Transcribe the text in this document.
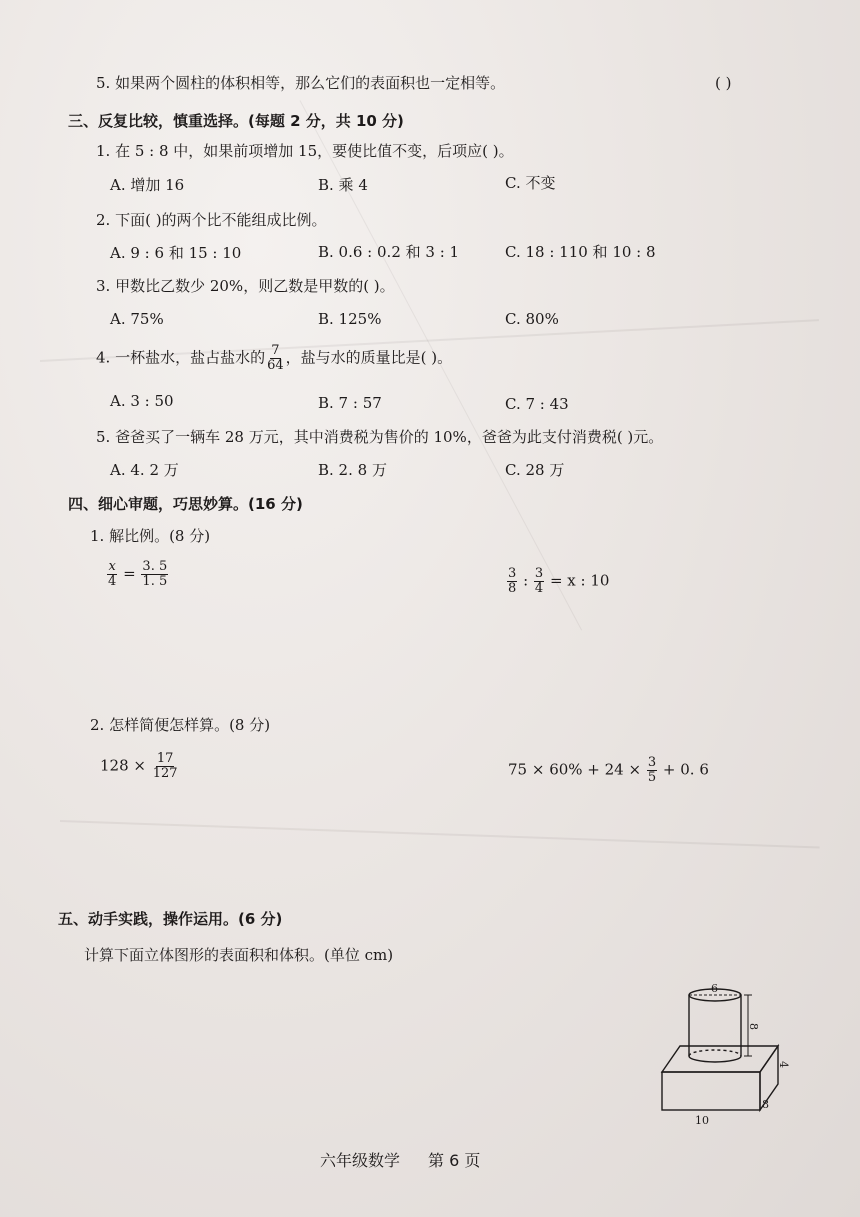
5. 如果两个圆柱的体积相等，那么它们的表面积也一定相等。	( )
三、反复比较，慎重选择。(每题 2 分，共 10 分)
1. 在 5 : 8 中，如果前项增加 15，要使比值不变，后项应( )。
A. 增加 16	B. 乘 4	C. 不变
2. 下面( )的两个比不能组成比例。
A. 9 : 6 和 15 : 10	B. 0.6 : 0.2 和 3 : 1	C. 18 : 110 和 10 : 8
3. 甲数比乙数少 20%，则乙数是甲数的( )。
A. 75%	B. 125%	C. 80%
4. 一杯盐水，盐占盐水的 $\frac{7}{64}$ ，盐与水的质量比是( )。
A. 3 : 50	B. 7 : 57	C. 7 : 43
5. 爸爸买了一辆车 28 万元，其中消费税为售价的 10%，爸爸为此支付消费税( )元。
A. 4. 2 万	B. 2. 8 万	C. 28 万
四、细心审题，巧思妙算。(16 分)
1. 解比例。(8 分)
$\frac{x}{4} = \frac{3. 5}{1. 5}$	$\frac{3}{8}$ : $\frac{3}{4} = x$ : 10
2. 怎样简便怎样算。(8 分)
$128 \times \frac{17}{127}$	$75 \times 60\% + 24 \times \frac{3}{5} + 0$. 6
五、动手实践，操作运用。(6 分)
计算下面立体图形的表面积和体积。(单位 cm)
6
8
4
8
10
六年级数学 第 6 页
